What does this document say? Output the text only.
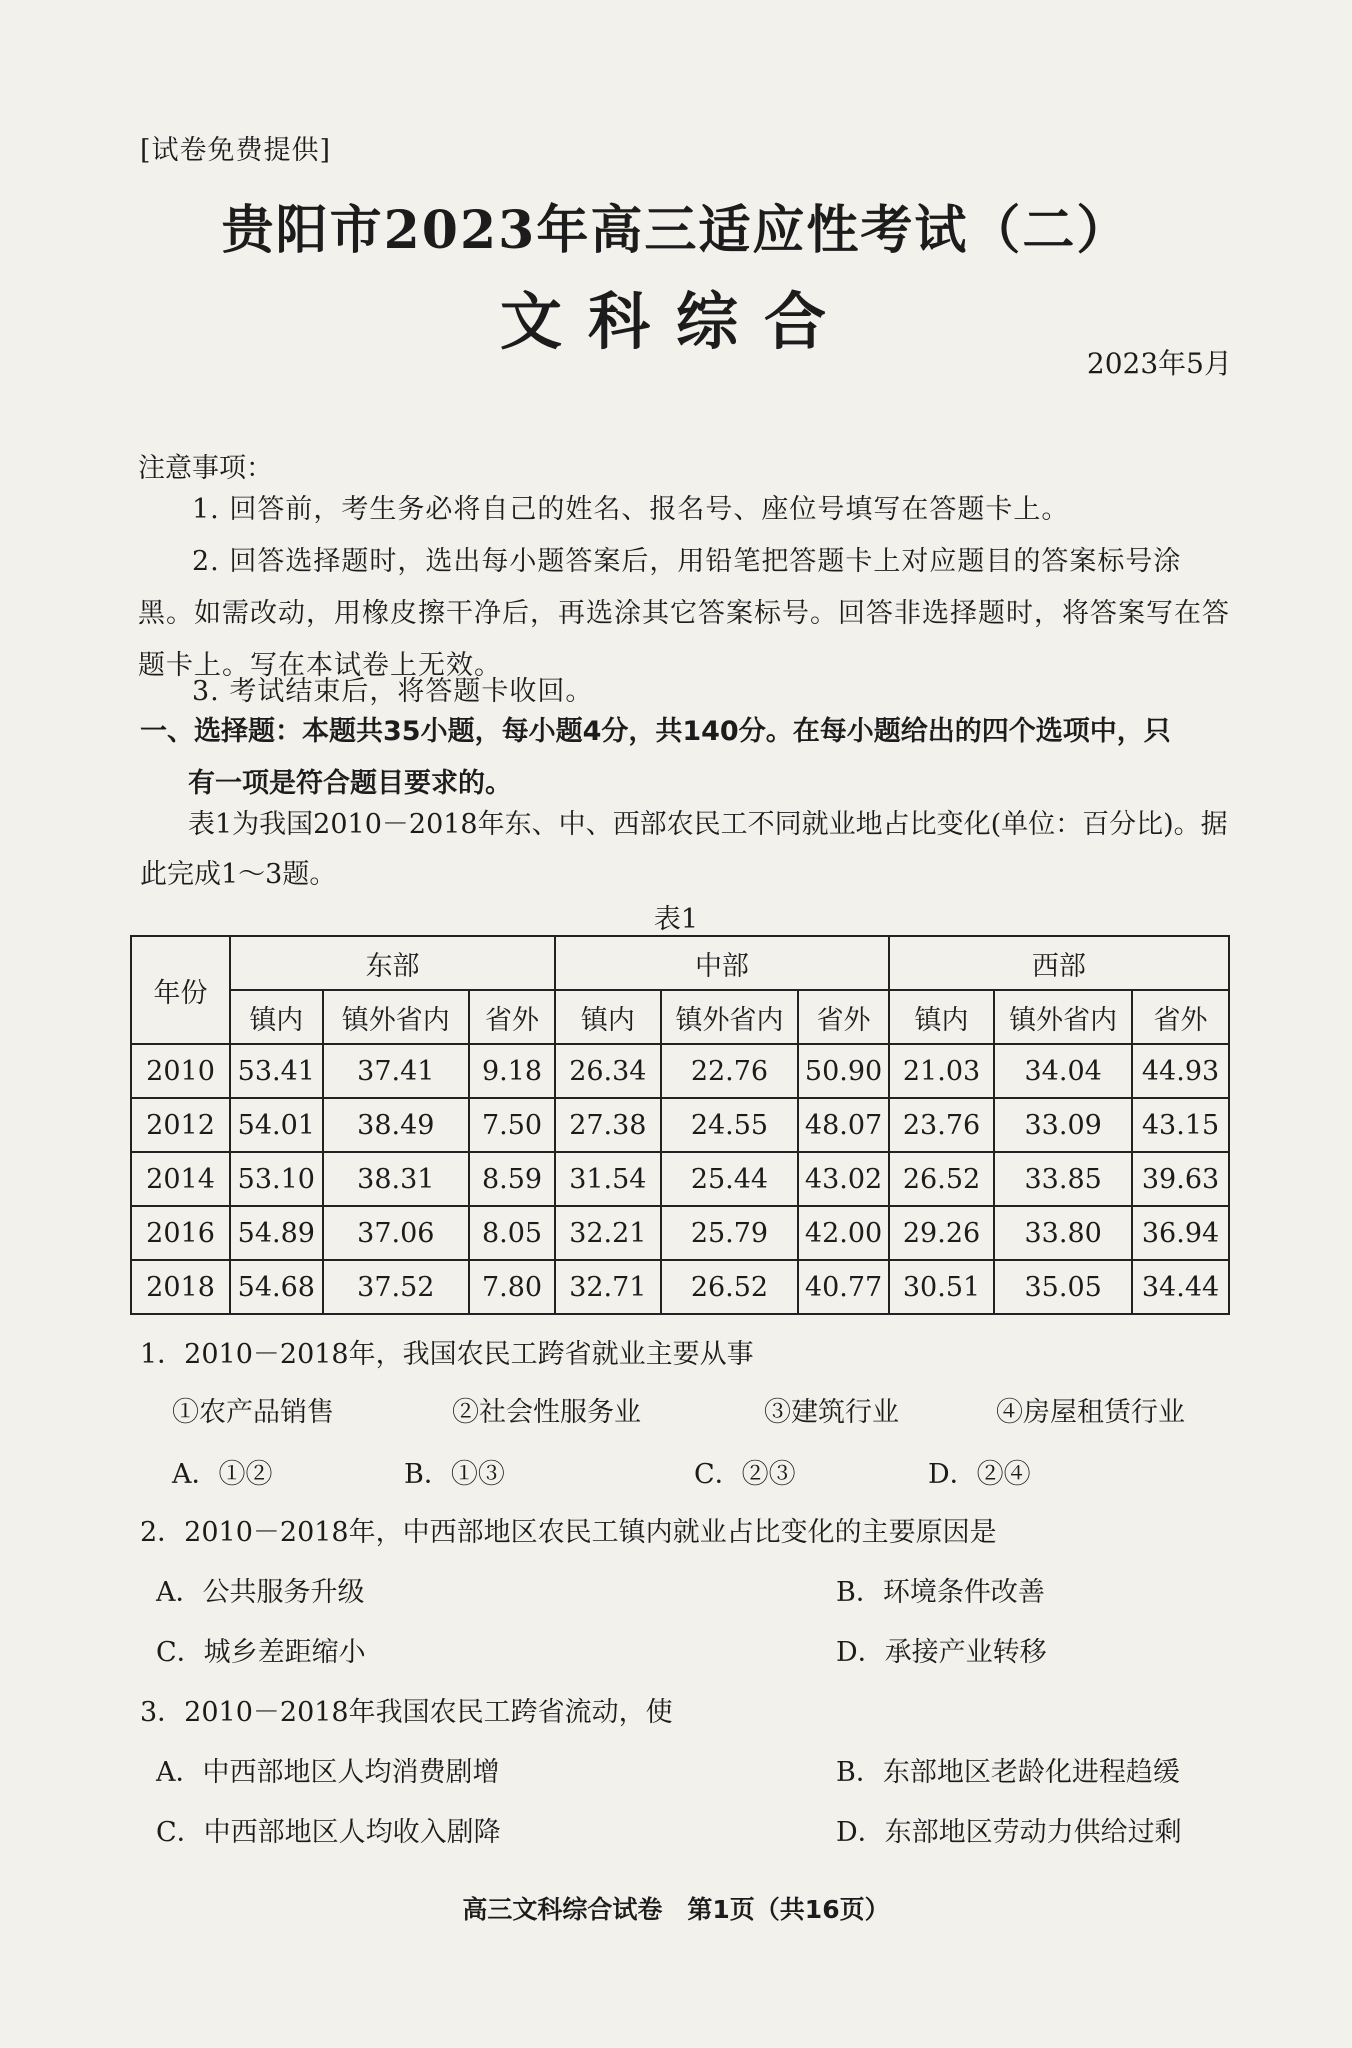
[试卷免费提供]
贵阳市2023年高三适应性考试（二）
文科综合
2023年5月
注意事项：
1. 回答前，考生务必将自己的姓名、报名号、座位号填写在答题卡上。
2. 回答选择题时，选出每小题答案后，用铅笔把答题卡上对应题目的答案标号涂黑。如需改动，用橡皮擦干净后，再选涂其它答案标号。回答非选择题时，将答案写在答题卡上。写在本试卷上无效。
3. 考试结束后，将答题卡收回。
一、选择题：本题共35小题，每小题4分，共140分。在每小题给出的四个选项中，只
有一项是符合题目要求的。
表1为我国2010－2018年东、中、西部农民工不同就业地占比变化(单位：百分比)。据此完成1～3题。
表1
年份	东部			中部			西部		
	镇内	镇外省内	省外	镇内	镇外省内	省外	镇内	镇外省内	省外
2010	53.41	37.41	9.18	26.34	22.76	50.90	21.03	34.04	44.93
2012	54.01	38.49	7.50	27.38	24.55	48.07	23.76	33.09	43.15
2014	53.10	38.31	8.59	31.54	25.44	43.02	26.52	33.85	39.63
2016	54.89	37.06	8.05	32.21	25.79	42.00	29.26	33.80	36.94
2018	54.68	37.52	7.80	32.71	26.52	40.77	30.51	35.05	34.44
1．2010－2018年，我国农民工跨省就业主要从事
①农产品销售	②社会性服务业	③建筑行业	④房屋租赁行业
A．①②	B．①③	C．②③	D．②④
2．2010－2018年，中西部地区农民工镇内就业占比变化的主要原因是
A．公共服务升级	B．环境条件改善
C．城乡差距缩小	D．承接产业转移
3．2010－2018年我国农民工跨省流动，使
A．中西部地区人均消费剧增	B．东部地区老龄化进程趋缓
C．中西部地区人均收入剧降	D．东部地区劳动力供给过剩
高三文科综合试卷　第1页（共16页）
